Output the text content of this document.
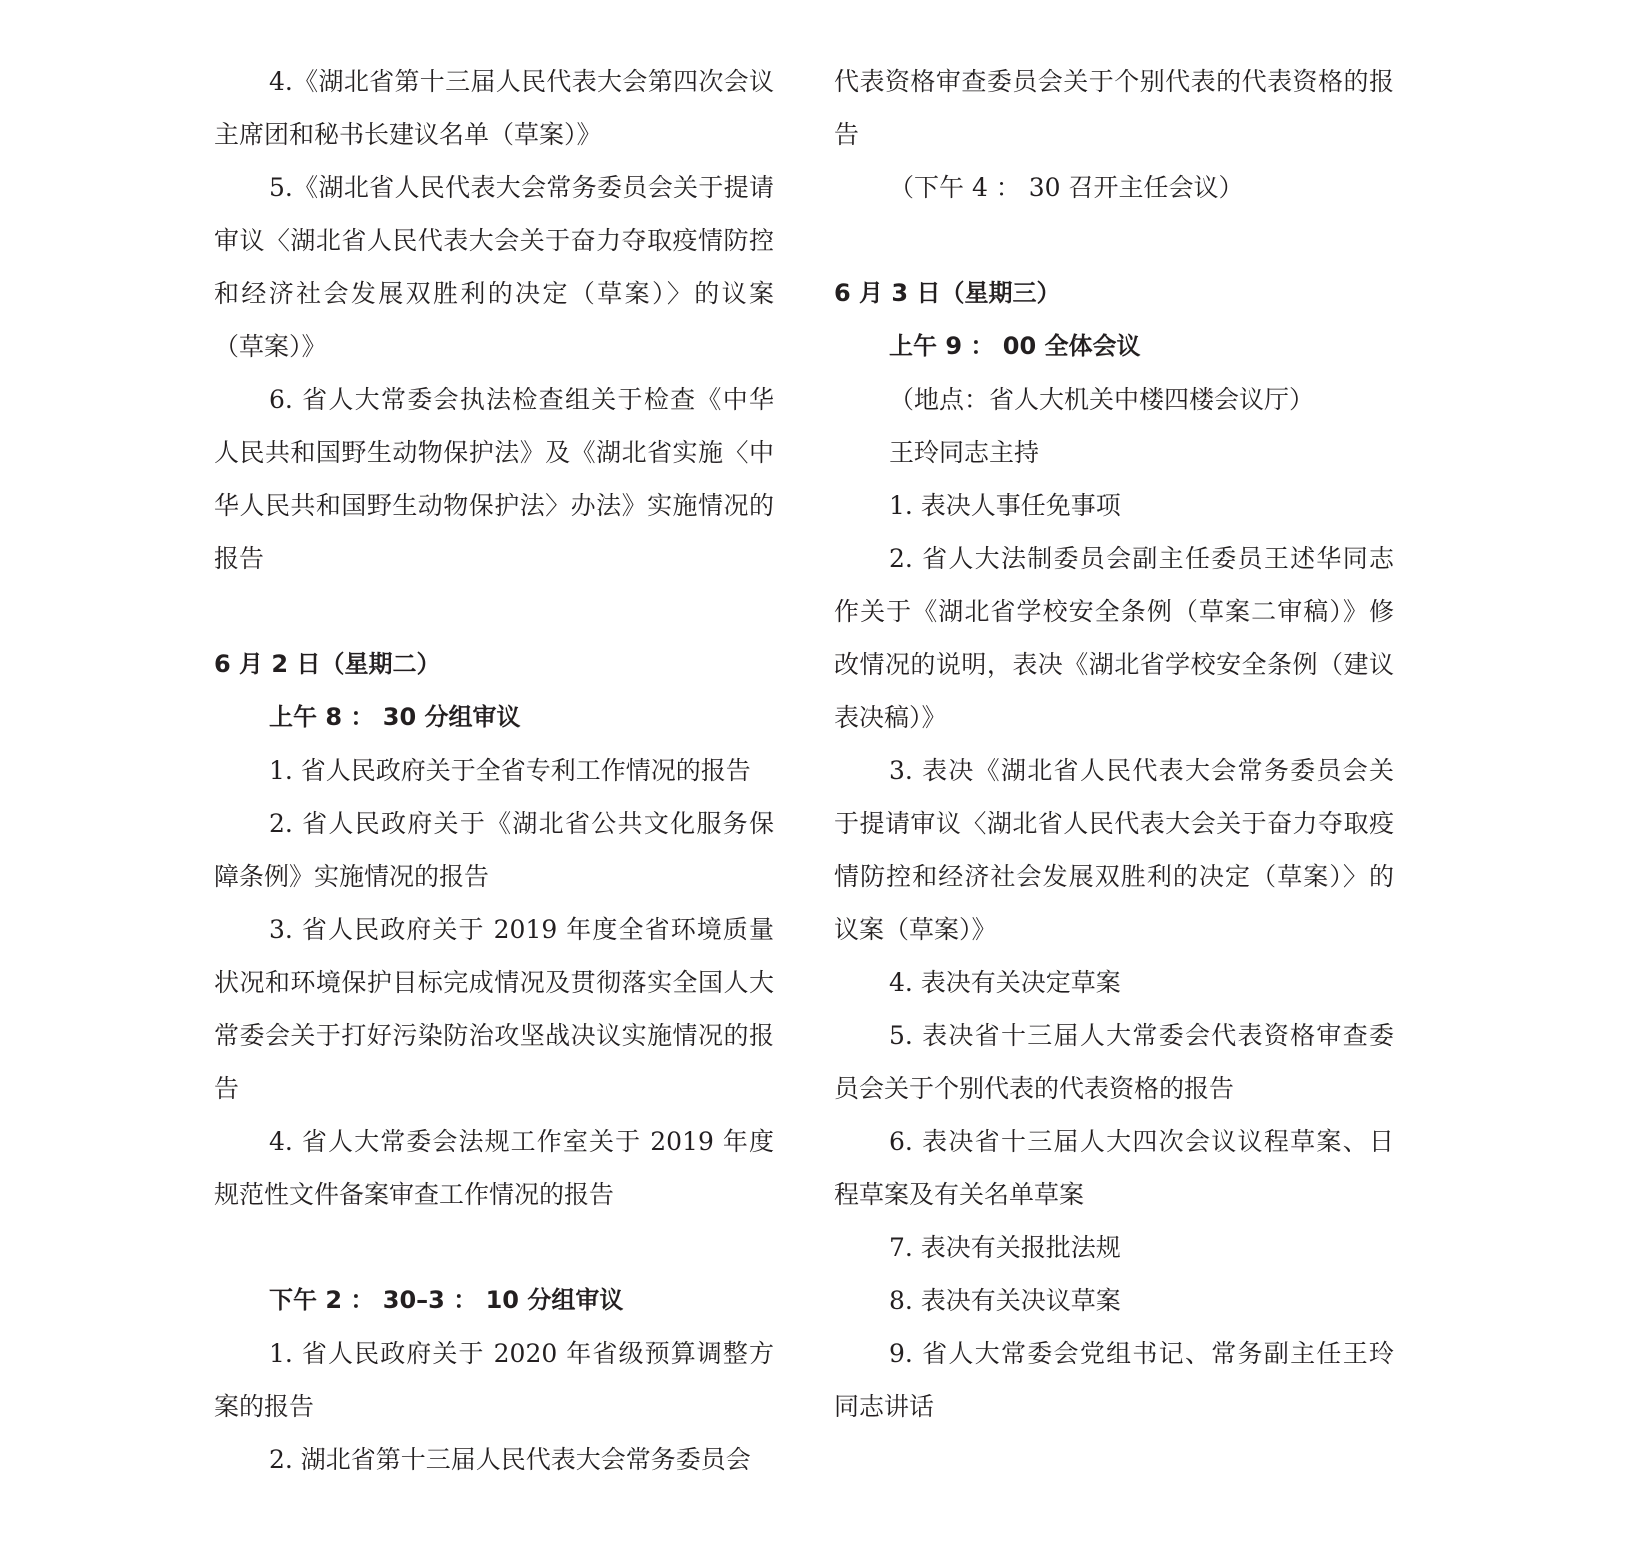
4.《湖北省第十三届人民代表大会第四次会议主席团和秘书长建议名单（草案）》

5.《湖北省人民代表大会常务委员会关于提请审议〈湖北省人民代表大会关于奋力夺取疫情防控和经济社会发展双胜利的决定（草案）〉的议案（草案）》

6. 省人大常委会执法检查组关于检查《中华人民共和国野生动物保护法》及《湖北省实施〈中华人民共和国野生动物保护法〉办法》实施情况的报告

6 月 2 日（星期二）

上午 8 ： 30 分组审议

1. 省人民政府关于全省专利工作情况的报告

2. 省人民政府关于《湖北省公共文化服务保障条例》实施情况的报告

3. 省人民政府关于 2019 年度全省环境质量状况和环境保护目标完成情况及贯彻落实全国人大常委会关于打好污染防治攻坚战决议实施情况的报告

4. 省人大常委会法规工作室关于 2019 年度规范性文件备案审查工作情况的报告

下午 2 ： 30–3 ： 10 分组审议

1. 省人民政府关于 2020 年省级预算调整方案的报告

2. 湖北省第十三届人民代表大会常务委员会

代表资格审查委员会关于个别代表的代表资格的报告

（下午 4 ： 30 召开主任会议）

6 月 3 日（星期三）

上午 9 ： 00 全体会议

（地点：省人大机关中楼四楼会议厅）

王玲同志主持

1. 表决人事任免事项

2. 省人大法制委员会副主任委员王述华同志作关于《湖北省学校安全条例（草案二审稿）》修改情况的说明，表决《湖北省学校安全条例（建议表决稿）》

3. 表决《湖北省人民代表大会常务委员会关于提请审议〈湖北省人民代表大会关于奋力夺取疫情防控和经济社会发展双胜利的决定（草案）〉的议案（草案）》

4. 表决有关决定草案

5. 表决省十三届人大常委会代表资格审查委员会关于个别代表的代表资格的报告

6. 表决省十三届人大四次会议议程草案、日程草案及有关名单草案

7. 表决有关报批法规

8. 表决有关决议草案

9. 省人大常委会党组书记、常务副主任王玲同志讲话
